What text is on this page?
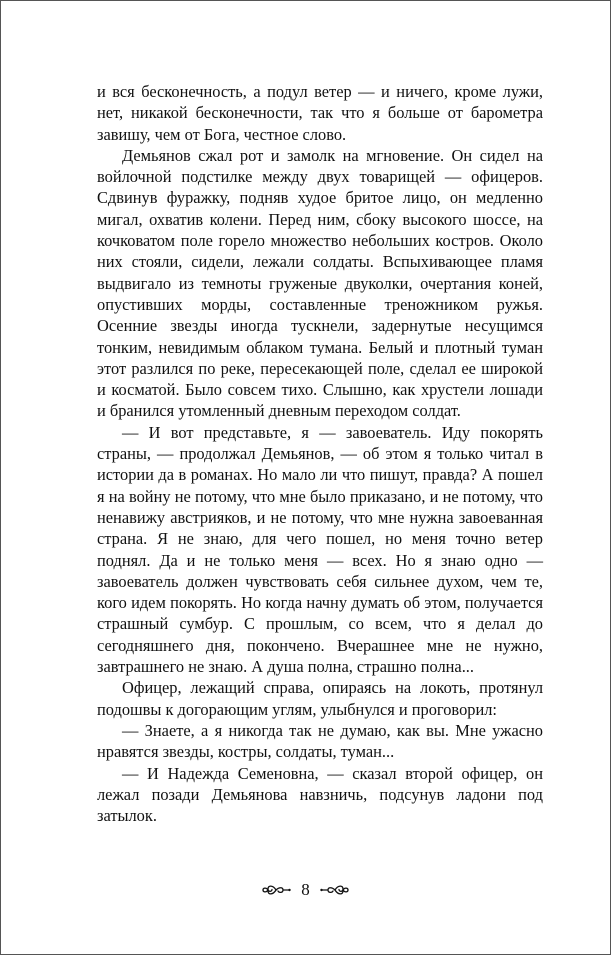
и вся бесконечность, а подул ветер — и ничего, кроме лужи, нет, никакой бесконечности, так что я больше от барометра завишу, чем от Бога, честное слово.

Демьянов сжал рот и замолк на мгновение. Он сидел на войлочной подстилке между двух товарищей — офицеров. Сдвинув фуражку, подняв худое бритое лицо, он медленно мигал, охватив колени. Перед ним, сбоку высокого шоссе, на кочковатом поле горело множество небольших костров. Около них стояли, сидели, лежали солдаты. Вспыхивающее пламя выдвигало из темноты груженые двуколки, очертания коней, опустивших морды, составленные треножником ружья. Осенние звезды иногда тускнели, задернутые несущимся тонким, невидимым облаком тумана. Белый и плотный туман этот разлился по реке, пересекающей поле, сделал ее широкой и косматой. Было совсем тихо. Слышно, как хрустели лошади и бранился утомленный дневным переходом солдат.

— И вот представьте, я — завоеватель. Иду покорять страны, — продолжал Демьянов, — об этом я только читал в истории да в романах. Но мало ли что пишут, правда? А пошел я на войну не потому, что мне было приказано, и не потому, что ненавижу австрияков, и не потому, что мне нужна завоеванная страна. Я не знаю, для чего пошел, но меня точно ветер поднял. Да и не только меня — всех. Но я знаю одно — завоеватель должен чувствовать себя сильнее духом, чем те, кого идем покорять. Но когда начну думать об этом, получается страшный сумбур. С прошлым, со всем, что я делал до сегодняшнего дня, покончено. Вчерашнее мне не нужно, завтрашнего не знаю. А душа полна, страшно полна...

Офицер, лежащий справа, опираясь на локоть, протянул подошвы к догорающим углям, улыбнулся и проговорил:

— Знаете, а я никогда так не думаю, как вы. Мне ужасно нравятся звезды, костры, солдаты, туман...

— И Надежда Семеновна, — сказал второй офицер, он лежал позади Демьянова навзничь, подсунув ладони под затылок.

8
